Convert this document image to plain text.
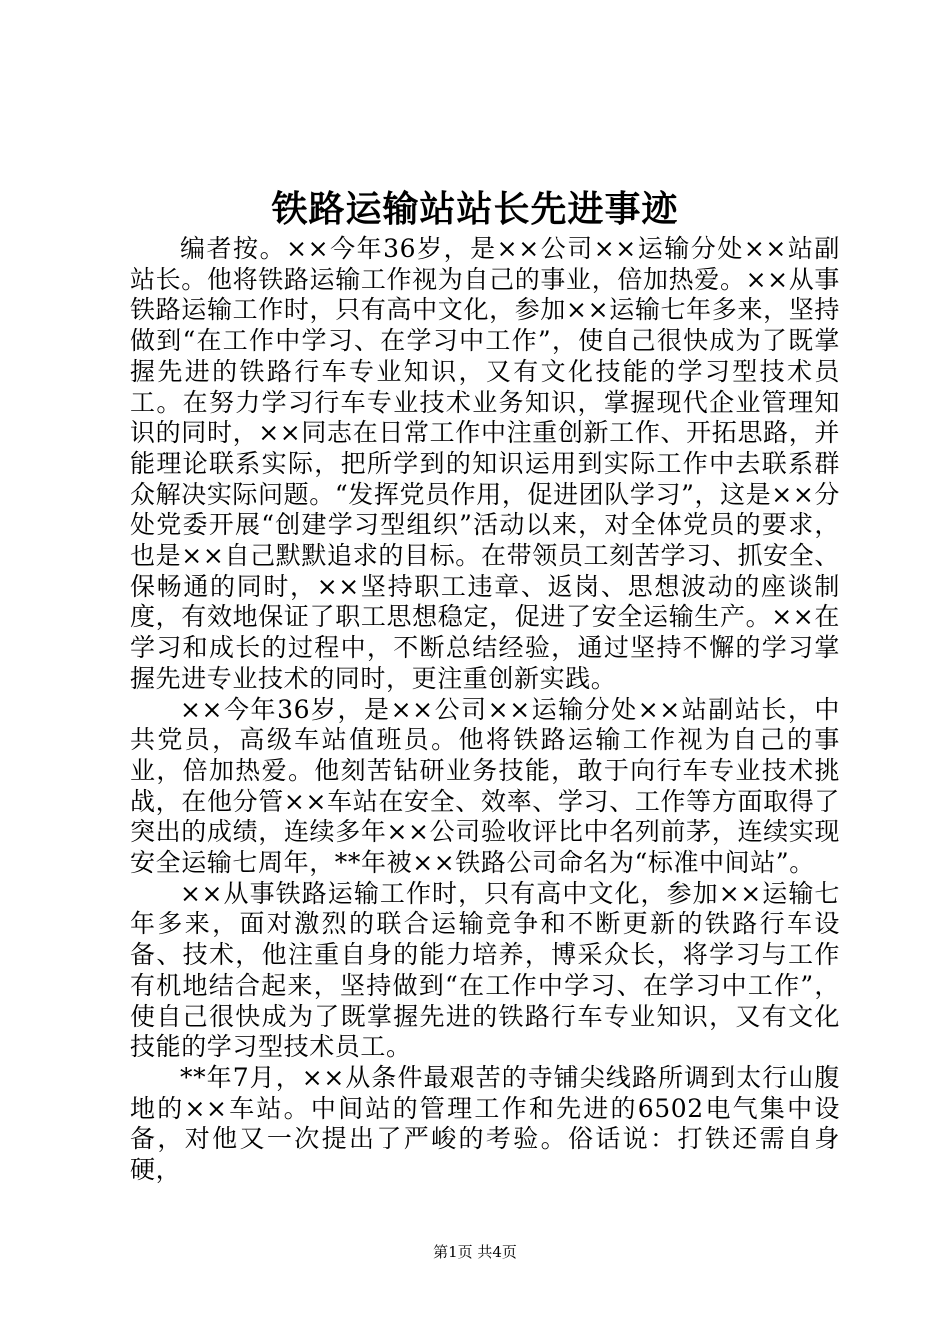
铁路运输站站长先进事迹

编者按。××今年36岁，是××公司××运输分处××站副站长。他将铁路运输工作视为自己的事业，倍加热爱。××从事铁路运输工作时，只有高中文化，参加××运输七年多来，坚持做到“在工作中学习、在学习中工作”，使自己很快成为了既掌握先进的铁路行车专业知识，又有文化技能的学习型技术员工。在努力学习行车专业技术业务知识，掌握现代企业管理知识的同时，××同志在日常工作中注重创新工作、开拓思路，并能理论联系实际，把所学到的知识运用到实际工作中去联系群众解决实际问题。“发挥党员作用，促进团队学习”，这是××分处党委开展“创建学习型组织”活动以来，对全体党员的要求，也是××自己默默追求的目标。在带领员工刻苦学习、抓安全、保畅通的同时，××坚持职工违章、返岗、思想波动的座谈制度，有效地保证了职工思想稳定，促进了安全运输生产。××在学习和成长的过程中，不断总结经验，通过坚持不懈的学习掌握先进专业技术的同时，更注重创新实践。

××今年36岁，是××公司××运输分处××站副站长，中共党员，高级车站值班员。他将铁路运输工作视为自己的事业，倍加热爱。他刻苦钻研业务技能，敢于向行车专业技术挑战，在他分管××车站在安全、效率、学习、工作等方面取得了突出的成绩，连续多年××公司验收评比中名列前茅，连续实现安全运输七周年，**年被××铁路公司命名为“标准中间站”。

××从事铁路运输工作时，只有高中文化，参加××运输七年多来，面对激烈的联合运输竞争和不断更新的铁路行车设备、技术，他注重自身的能力培养，博采众长，将学习与工作有机地结合起来，坚持做到“在工作中学习、在学习中工作”，使自己很快成为了既掌握先进的铁路行车专业知识，又有文化技能的学习型技术员工。

**年7月，××从条件最艰苦的寺铺尖线路所调到太行山腹地的××车站。中间站的管理工作和先进的6502电气集中设备，对他又一次提出了严峻的考验。俗话说：打铁还需自身硬，

第1页 共4页
